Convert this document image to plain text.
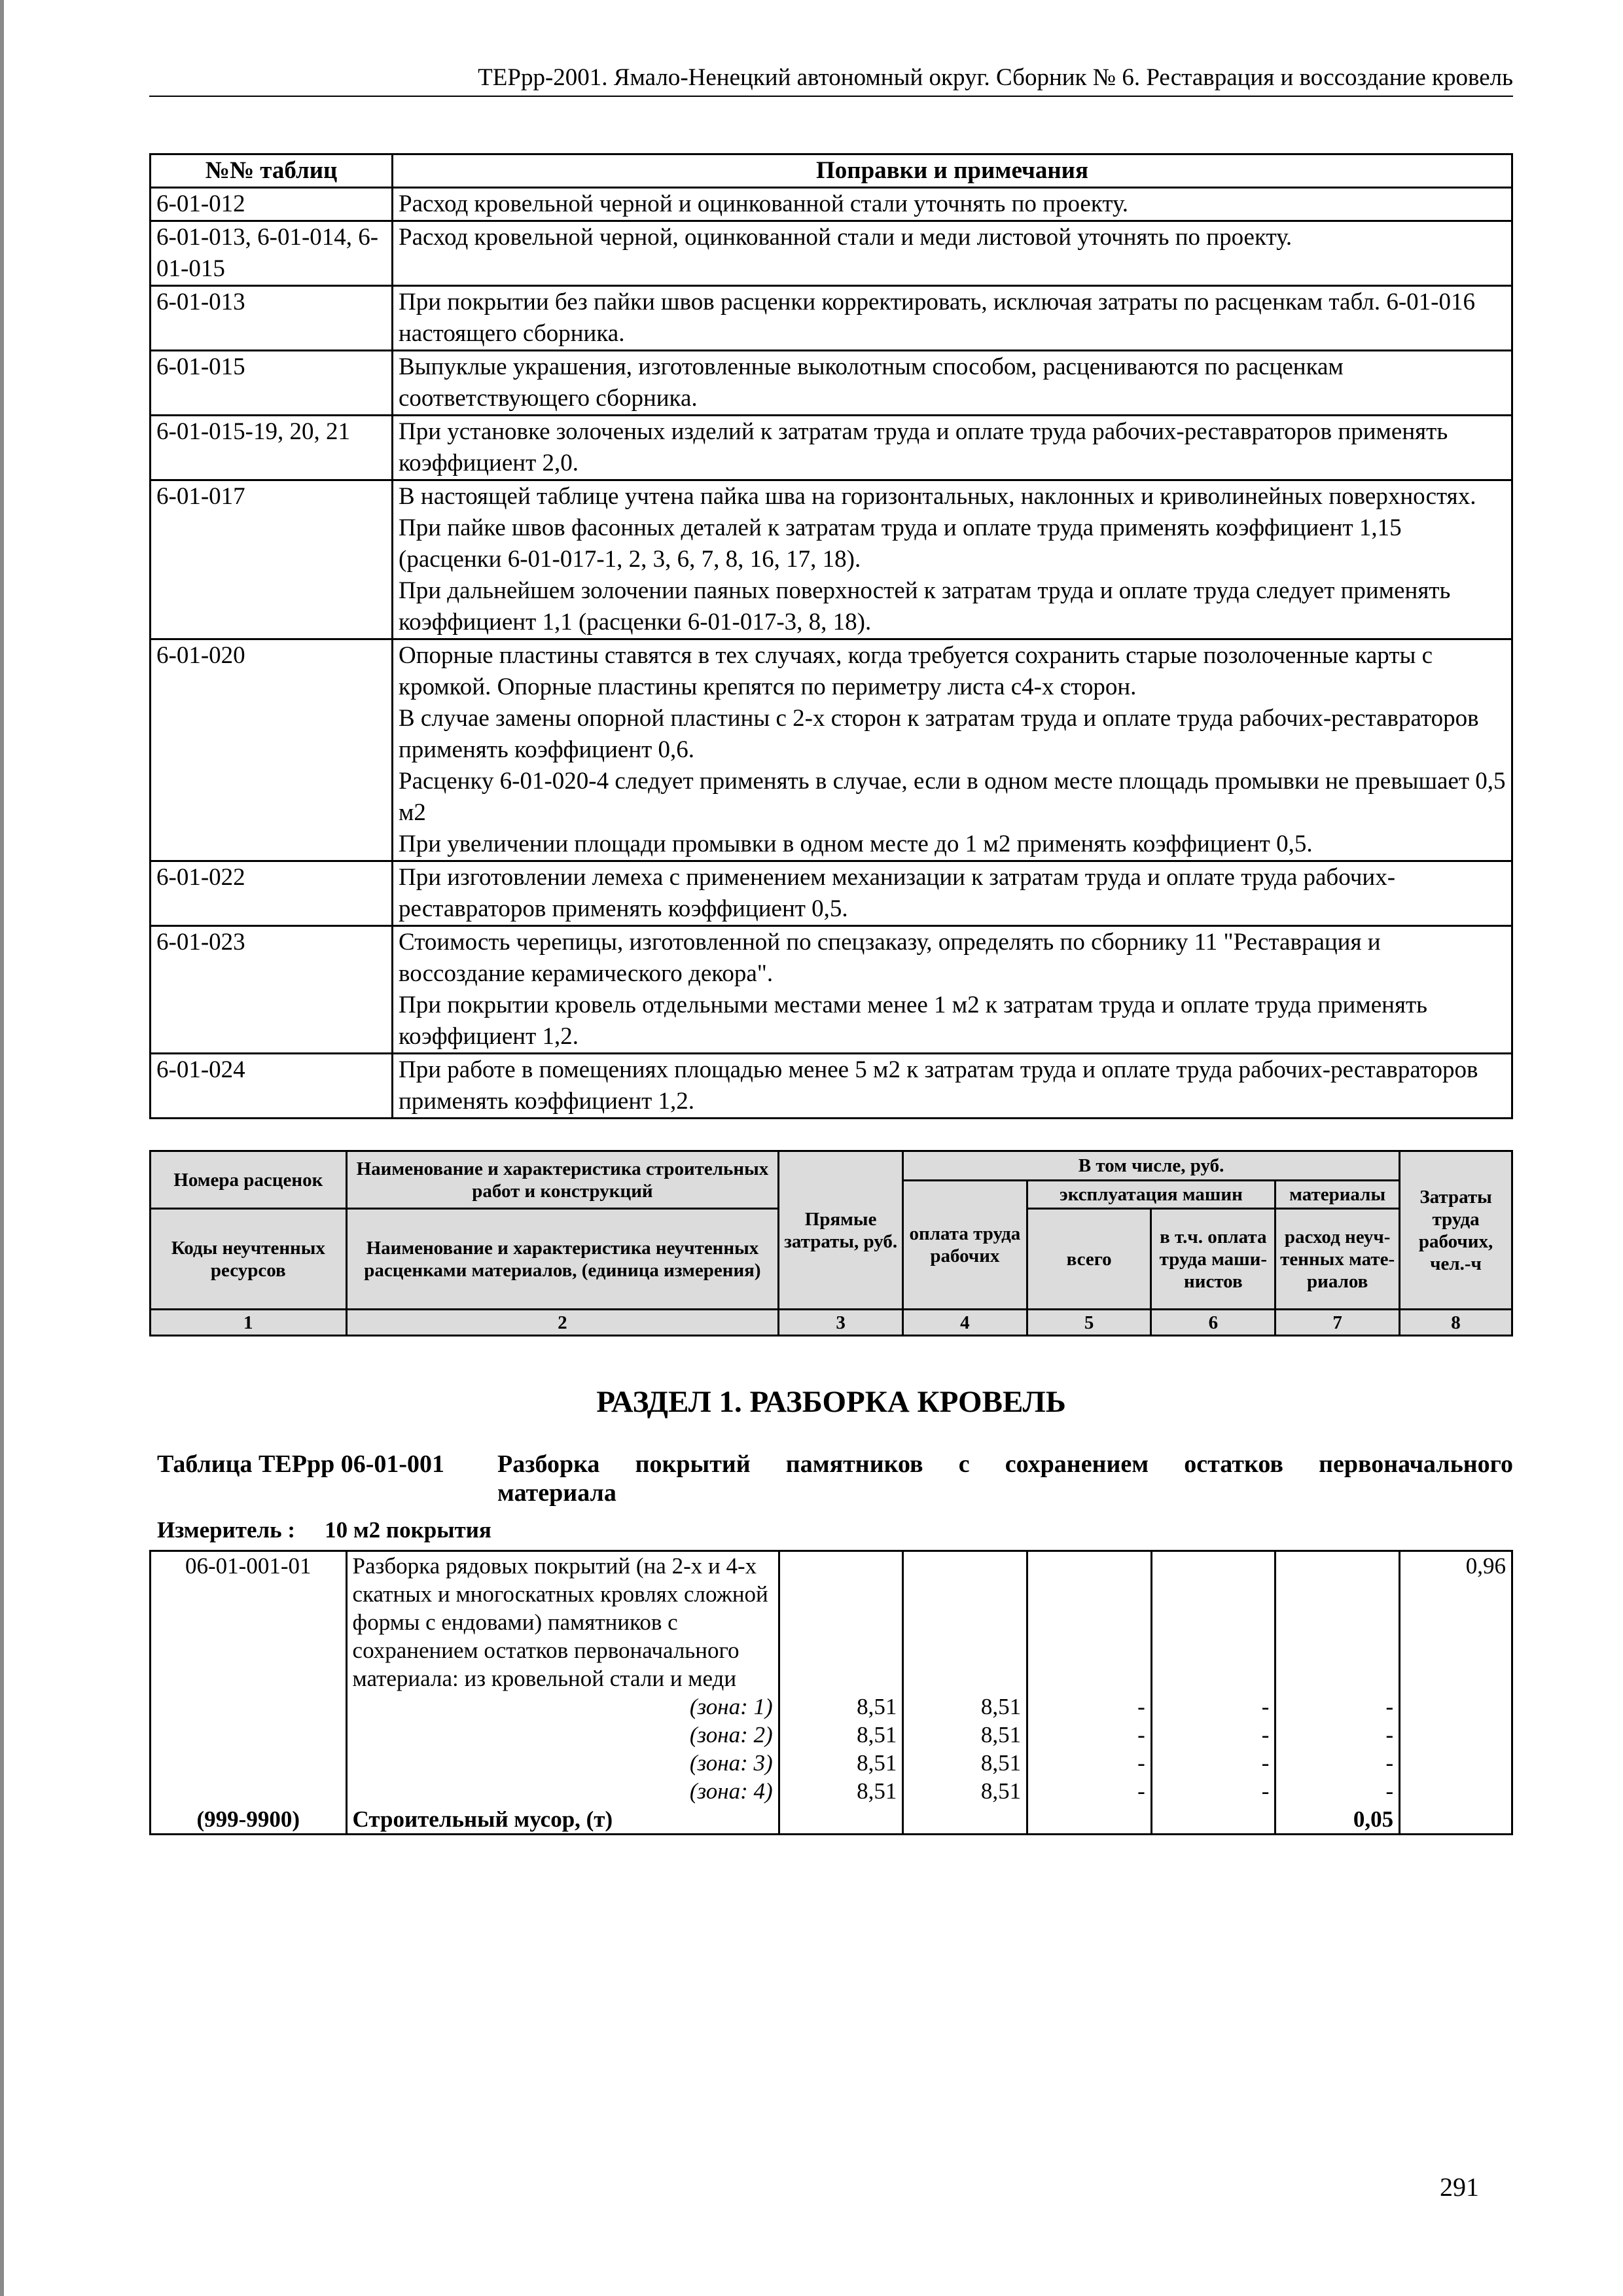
ТЕРрр-2001. Ямало-Ненецкий автономный округ. Сборник № 6. Реставрация и воссоздание кровель
№№ таблиц	Поправки и примечания
6-01-012	Расход кровельной черной и оцинкованной стали уточнять по проекту.

6-01-013, 6-01-014, 6-01-015	Расход кровельной черной, оцинкованной стали и меди листовой уточнять по проекту.

6-01-013	При покрытии без пайки швов расценки корректировать, исключая затраты по расценкам табл. 6-01-016 настоящего сборника.

6-01-015	Выпуклые украшения, изготовленные выколотным способом, расцениваются по расценкам соответствующего сборника.

6-01-015-19, 20, 21	При установке золоченых изделий к затратам труда и оплате труда рабочих-реставраторов применять коэффициент 2,0.

6-01-017	В настоящей таблице учтена пайка шва на горизонтальных, наклонных и криволинейных поверхностях. При пайке швов фасонных деталей к затратам труда и оплате труда применять коэффициент 1,15 (расценки 6-01-017-1, 2, 3, 6, 7, 8, 16, 17, 18).
При дальнейшем золочении паяных поверхностей к затратам труда и оплате труда следует применять коэффициент 1,1 (расценки 6-01-017-3, 8, 18).

6-01-020	Опорные пластины ставятся в тех случаях, когда требуется сохранить старые позолоченные карты с кромкой. Опорные пластины крепятся по периметру листа с4-х сторон.
В случае замены опорной пластины с 2-х сторон к затратам труда и оплате труда рабочих-реставраторов применять коэффициент 0,6.
Расценку 6-01-020-4 следует применять в случае, если в одном месте площадь промывки не превышает 0,5 м2
При увеличении площади промывки в одном месте до 1 м2 применять коэффициент 0,5.

6-01-022	При изготовлении лемеха с применением механизации к затратам труда и оплате труда рабочих-реставраторов применять коэффициент 0,5.

6-01-023	Стоимость черепицы, изготовленной по спецзаказу, определять по сборнику 11 "Реставрация и воссоздание керамического декора".
При покрытии кровель отдельными местами менее 1 м2 к затратам труда и оплате труда применять коэффициент 1,2.

6-01-024	При работе в помещениях площадью менее 5 м2 к затратам труда и оплате труда рабочих-реставраторов применять коэффициент 1,2.
Номера расценок	Наименование и характеристика строительных работ и конструкций	Прямые затраты, руб.	В том числе, руб.				Затраты труда рабочих, чел.-ч
			оплата труда рабочих	эксплуатация машин		материалы	
Коды неучтенных ресурсов	Наименование и характеристика неучтенных расценками материалов, (единица измерения)			всего	в т.ч. оплата труда маши-нистов	расход неуч-тенных мате-риалов	

1	2	3	4	5	6	7	8
РАЗДЕЛ 1. РАЗБОРКА КРОВЕЛЬ
Таблица ТЕРрр 06-01-001 Разборка покрытий памятников с сохранением остатков первоначального
материала
Измеритель : 10 м2 покрытия
06-01-001-01	Разборка рядовых покрытий (на 2-х и 4-х скатных и многоскатных кровлях сложной формы с ендовами) памятников с сохранением остатков первоначального материала: из кровельной стали и меди						0,96
	(зона: 1)	8,51	8,51	-	-	-	
	(зона: 2)	8,51	8,51	-	-	-	
	(зона: 3)	8,51	8,51	-	-	-	
	(зона: 4)	8,51	8,51	-	-	-	
(999-9900)	Строительный мусор, (т)					0,05	
291
